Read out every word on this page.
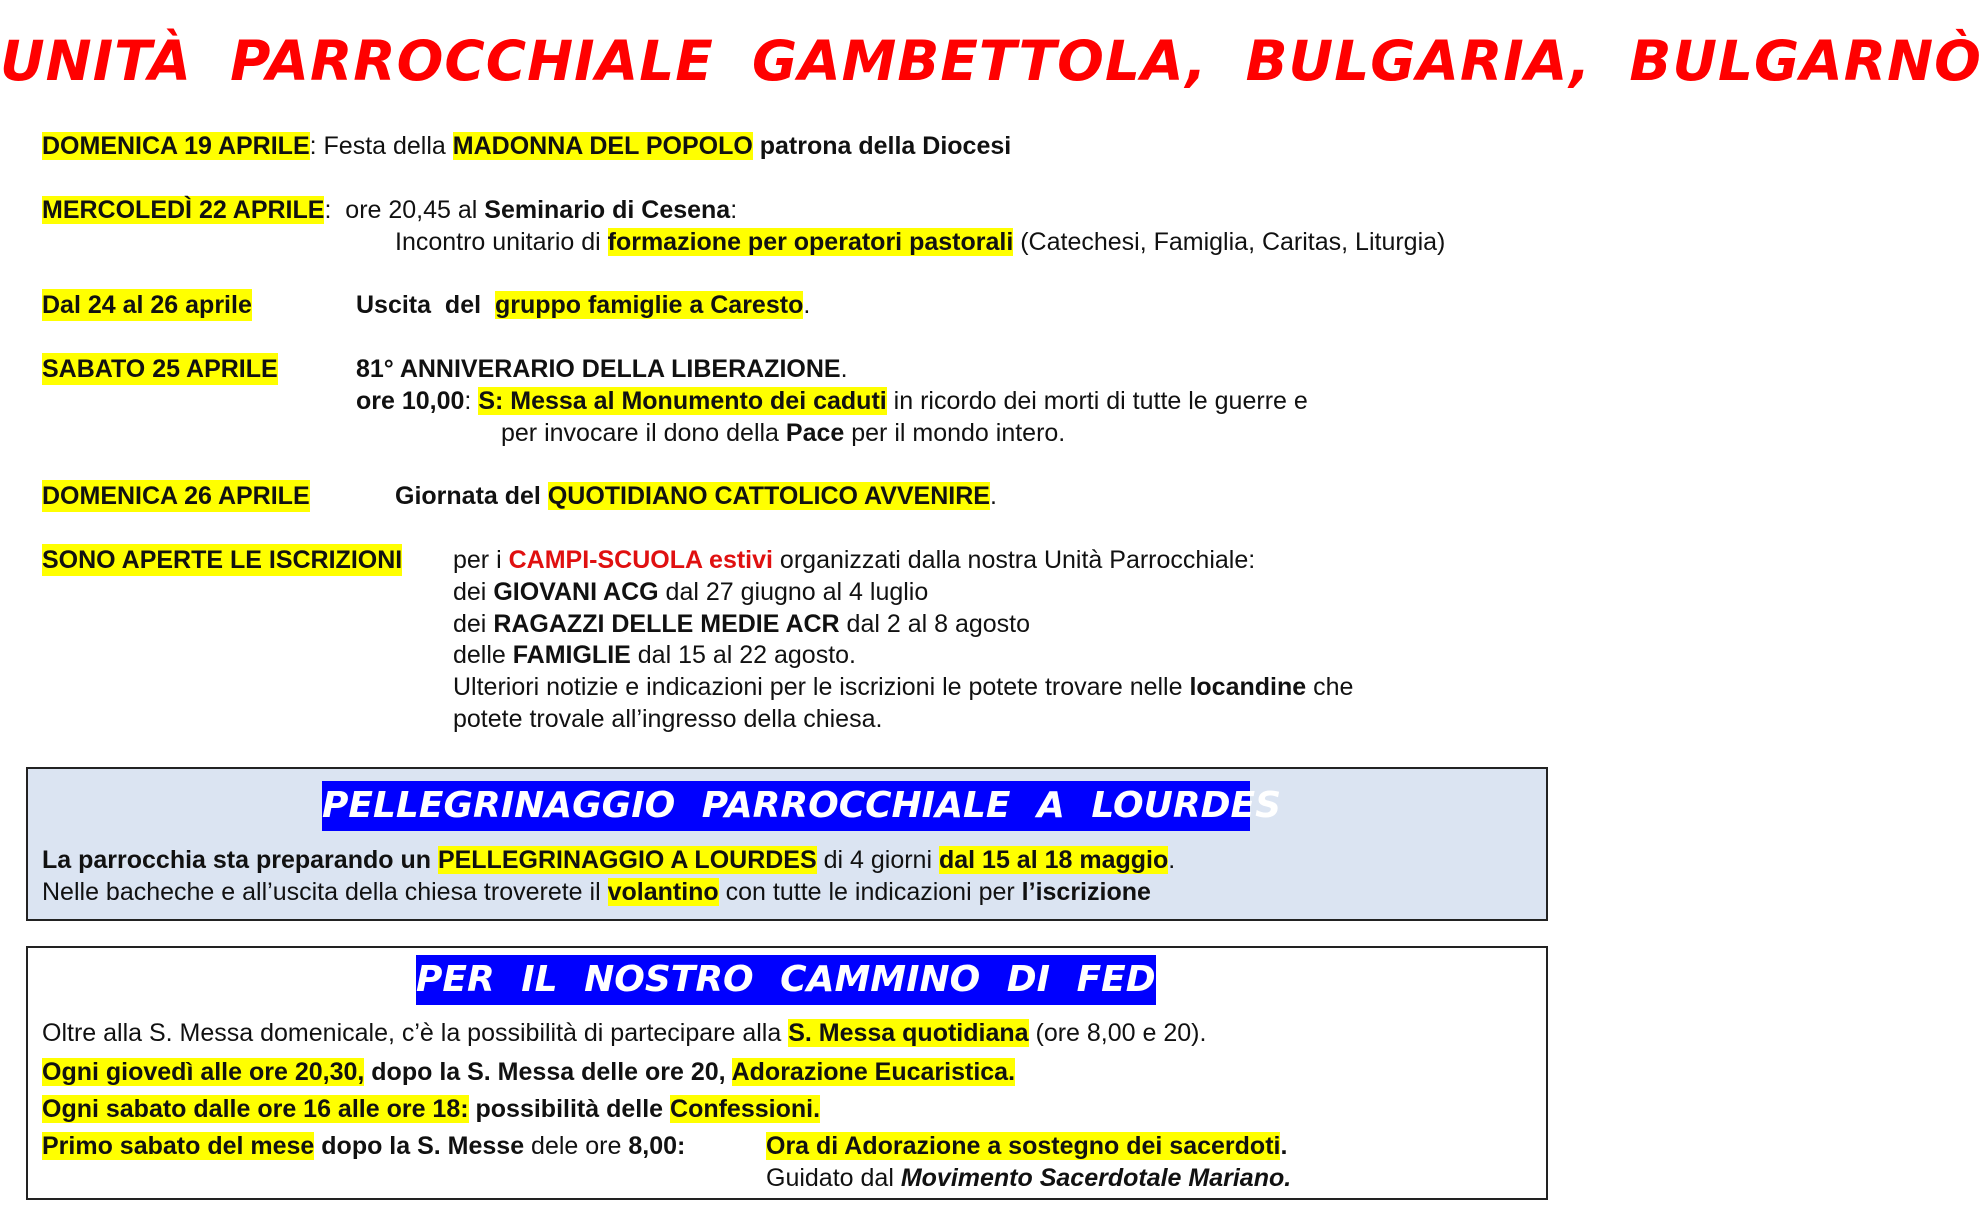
UNITÀ PARROCCHIALE GAMBETTOLA, BULGARIA, BULGARNÒ
DOMENICA 19 APRILE: Festa della MADONNA DEL POPOLO patrona della Diocesi
MERCOLEDÌ 22 APRILE:  ore 20,45 al Seminario di Cesena:
Incontro unitario di formazione per operatori pastorali (Catechesi, Famiglia, Caritas, Liturgia)
Dal 24 al 26 aprile	Uscita  del  gruppo famiglie a Caresto.
SABATO 25 APRILE	81° ANNIVERARIO DELLA LIBERAZIONE.
ore 10,00: S: Messa al Monumento dei caduti in ricordo dei morti di tutte le guerre e
per invocare il dono della Pace per il mondo intero.
DOMENICA 26 APRILE	Giornata del QUOTIDIANO CATTOLICO AVVENIRE.
SONO APERTE LE ISCRIZIONI per i CAMPI-SCUOLA estivi organizzati dalla nostra Unità Parrocchiale:
dei GIOVANI ACG dal 27 giugno al 4 luglio
dei RAGAZZI DELLE MEDIE ACR dal 2 al 8 agosto
delle FAMIGLIE dal 15 al 22 agosto.
Ulteriori notizie e indicazioni per le iscrizioni le potete trovare nelle locandine che
potete trovale all’ingresso della chiesa.
PELLEGRINAGGIO PARROCCHIALE A LOURDES
La parrocchia sta preparando un PELLEGRINAGGIO A LOURDES di 4 giorni dal 15 al 18 maggio.
Nelle bacheche e all’uscita della chiesa troverete il volantino con tutte le indicazioni per l’iscrizione
PER IL NOSTRO CAMMINO DI FEDE
Oltre alla S. Messa domenicale, c’è la possibilità di partecipare alla S. Messa quotidiana (ore 8,00 e 20).
Ogni giovedì alle ore 20,30, dopo la S. Messa delle ore 20, Adorazione Eucaristica.
Ogni sabato dalle ore 16 alle ore 18: possibilità delle Confessioni.
Primo sabato del mese dopo la S. Messe dele ore 8,00:	Ora di Adorazione a sostegno dei sacerdoti.
Guidato dal Movimento Sacerdotale Mariano.
